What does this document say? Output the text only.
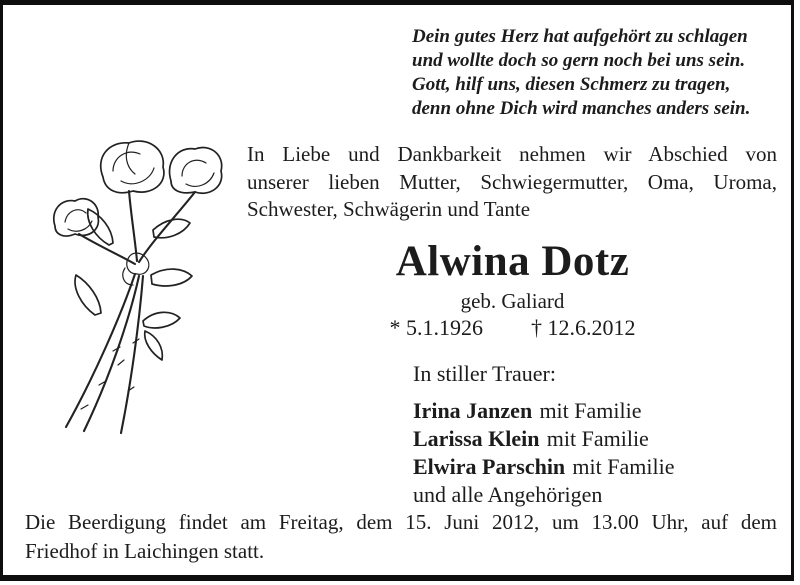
Dein gutes Herz hat aufgehört zu schlagen
und wollte doch so gern noch bei uns sein.
Gott, hilf uns, diesen Schmerz zu tragen,
denn ohne Dich wird manches anders sein.
In Liebe und Dankbarkeit nehmen wir Abschied von
unserer lieben Mutter, Schwiegermutter, Oma, Uroma,
Schwester, Schwägerin und Tante
Alwina Dotz
geb. Galiard
* 5.1.1926 † 12.6.2012
In stiller Trauer:
Irina Janzen mit Familie
Larissa Klein mit Familie
Elwira Parschin mit Familie
und alle Angehörigen
Die Beerdigung findet am Freitag, dem 15. Juni 2012, um 13.00 Uhr, auf dem
Friedhof in Laichingen statt.
